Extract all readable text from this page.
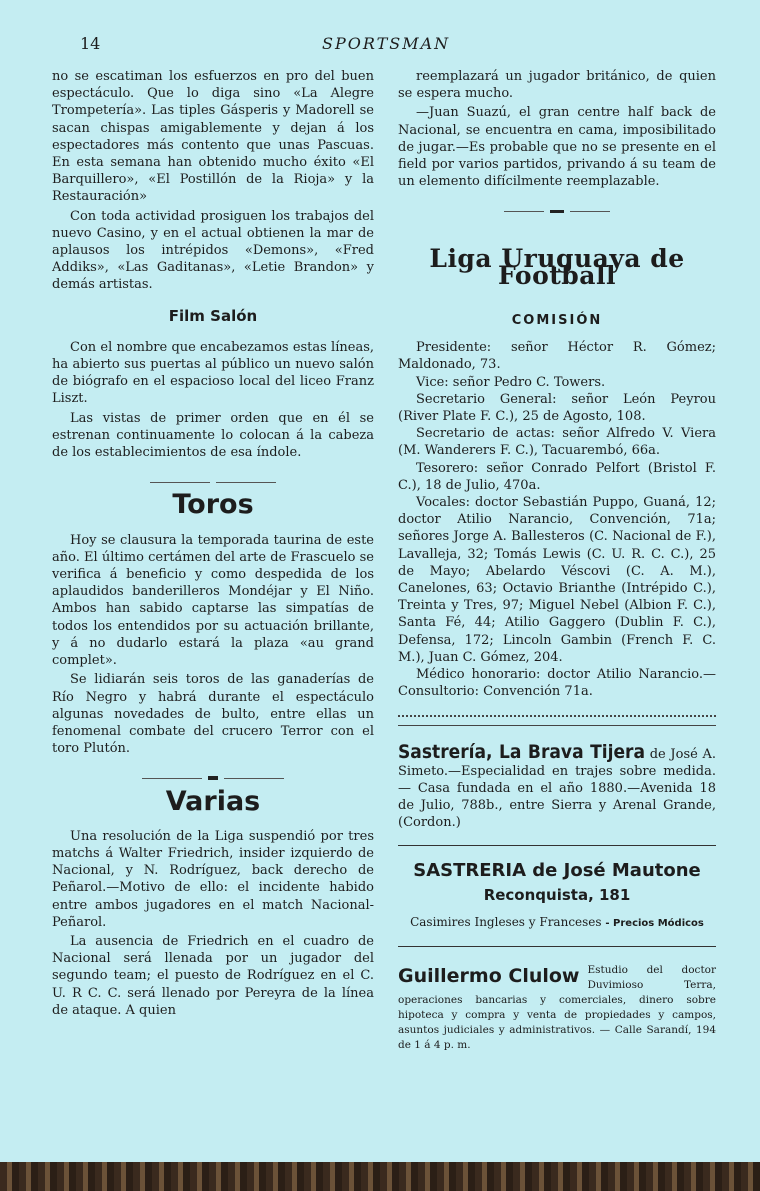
14	SPORTSMAN

no se escatiman los esfuerzos en pro del buen espectáculo. Que lo diga sino «La Alegre Trompetería». Las tiples Gásperis y Madorell se sacan chispas amigablemente y dejan á los espectadores más contento que unas Pascuas. En esta semana han obtenido mucho éxito «El Barquillero», «El Postillón de la Rioja» y la Restauración»

Con toda actividad prosiguen los trabajos del nuevo Casino, y en el actual obtienen la mar de aplausos los intrépidos «Demons», «Fred Addiks», «Las Gaditanas», «Letie Brandon» y demás artistas.

Film Salón

Con el nombre que encabezamos estas líneas, ha abierto sus puertas al público un nuevo salón de biógrafo en el espacioso local del liceo Franz Liszt.

Las vistas de primer orden que en él se estrenan continuamente lo colocan á la cabeza de los establecimientos de esa índole.

Toros

Hoy se clausura la temporada taurina de este año. El último certámen del arte de Frascuelo se verifica á beneficio y como despedida de los aplaudidos banderilleros Mondéjar y El Niño. Ambos han sabido captarse las simpatías de todos los entendidos por su actuación brillante, y á no dudarlo estará la plaza «au grand complet».

Se lidiarán seis toros de las ganaderías de Río Negro y habrá durante el espectáculo algunas novedades de bulto, entre ellas un fenomenal combate del crucero Terror con el toro Plutón.

Varias

Una resolución de la Liga suspendió por tres matchs á Walter Friedrich, insider izquierdo de Nacional, y N. Rodríguez, back derecho de Peñarol.—Motivo de ello: el incidente habido entre ambos jugadores en el match Nacional-Peñarol.

La ausencia de Friedrich en el cuadro de Nacional será llenada por un jugador del segundo team; el puesto de Rodríguez en el C. U. R C. C. será llenado por Pereyra de la línea de ataque. A quien

reemplazará un jugador británico, de quien se espera mucho.

—Juan Suazú, el gran centre half back de Nacional, se encuentra en cama, imposibilitado de jugar.—Es probable que no se presente en el field por varios partidos, privando á su team de un elemento difícilmente reemplazable.

Liga Uruguaya de Football
COMISIÓN

Presidente: señor Héctor R. Gómez; Maldonado, 73.

Vice: señor Pedro C. Towers.

Secretario General: señor León Peyrou (River Plate F. C.), 25 de Agosto, 108.

Secretario de actas: señor Alfredo V. Viera (M. Wanderers F. C.), Tacuarembó, 66a.

Tesorero: señor Conrado Pelfort (Bristol F. C.), 18 de Julio, 470a.

Vocales: doctor Sebastián Puppo, Guaná, 12; doctor Atilio Narancio, Convención, 71a; señores Jorge A. Ballesteros (C. Nacional de F.), Lavalleja, 32; Tomás Lewis (C. U. R. C. C.), 25 de Mayo; Abelardo Véscovi (C. A. M.), Canelones, 63; Octavio Brianthe (Intrépido C.), Treinta y Tres, 97; Miguel Nebel (Albion F. C.), Santa Fé, 44; Atilio Gaggero (Dublin F. C.), Defensa, 172; Lincoln Gambin (French F. C. M.), Juan C. Gómez, 204.

Médico honorario: doctor Atilio Narancio.—Consultorio: Convención 71a.

Sastrería, La Brava Tijera de José A. Simeto.—Especialidad en trajes sobre medida. — Casa fundada en el año 1880.—Avenida 18 de Julio, 788b., entre Sierra y Arenal Grande, (Cordon.)
SASTRERIA de José Mautone
Reconquista, 181
Casimires Ingleses y Franceses - Precios Módicos
Guillermo Clulow Estudio del doctor Duvimioso Terra, operaciones bancarias y comerciales, dinero sobre hipoteca y compra y venta de propiedades y campos, asuntos judiciales y administrativos. — Calle Sarandí, 194 de 1 á 4 p. m.
